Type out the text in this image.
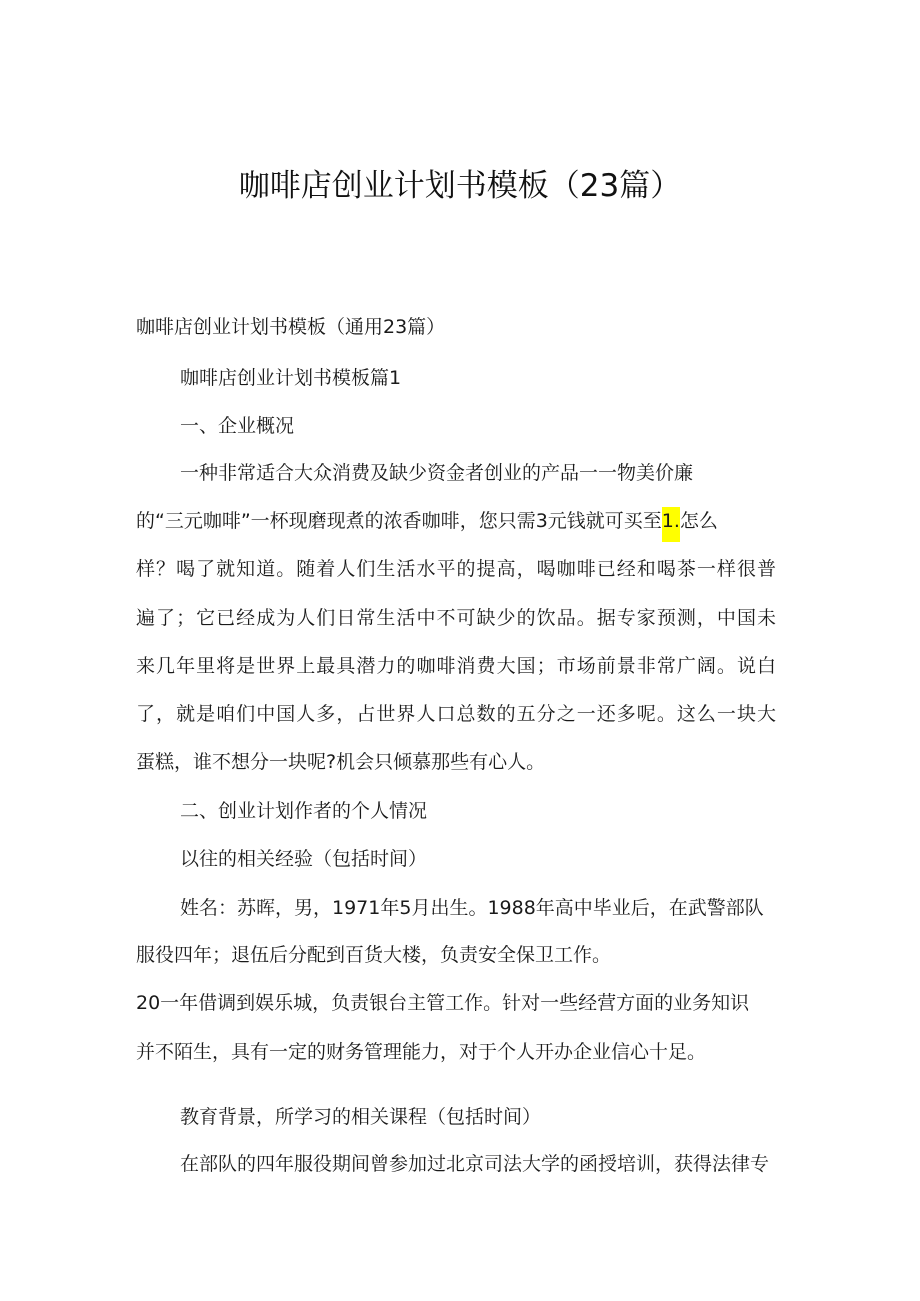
咖啡店创业计划书模板（23篇）
咖啡店创业计划书模板（通用23篇）
咖啡店创业计划书模板篇1
一、企业概况
一种非常适合大众消费及缺少资金者创业的产品一一物美价廉
的“三元咖啡”一杯现磨现煮的浓香咖啡，您只需3元钱就可买至1.怎么
样？喝了就知道。随着人们生活水平的提高，喝咖啡已经和喝茶一样很普
遍了；它已经成为人们日常生活中不可缺少的饮品。据专家预测，中国未
来几年里将是世界上最具潜力的咖啡消费大国；市场前景非常广阔。说白
了，就是咱们中国人多，占世界人口总数的五分之一还多呢。这么一块大
蛋糕，谁不想分一块呢?机会只倾慕那些有心人。
二、创业计划作者的个人情况
以往的相关经验（包括时间）
姓名：苏晖，男，1971年5月出生。1988年高中毕业后，在武警部队
服役四年；退伍后分配到百货大楼，负责安全保卫工作。
20一年借调到娱乐城，负责银台主管工作。针对一些经营方面的业务知识
并不陌生，具有一定的财务管理能力，对于个人开办企业信心十足。
教育背景，所学习的相关课程（包括时间）
在部队的四年服役期间曾参加过北京司法大学的函授培训，获得法律专
